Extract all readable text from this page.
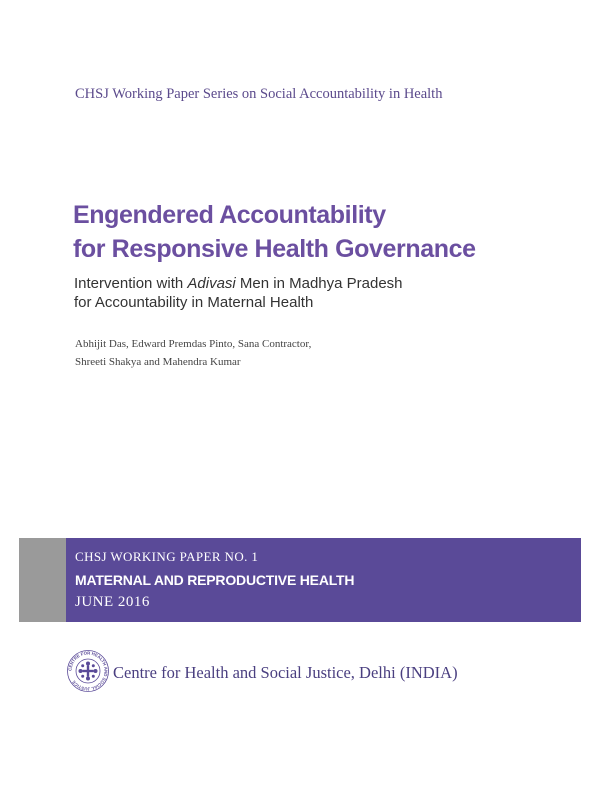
CHSJ Working Paper Series on Social Accountability in Health
Engendered Accountability
for Responsive Health Governance
Intervention with Adivasi Men in Madhya Pradesh
for Accountability in Maternal Health
Abhijit Das, Edward Premdas Pinto, Sana Contractor,
Shreeti Shakya and Mahendra Kumar
CHSJ WORKING PAPER NO. 1
MATERNAL AND REPRODUCTIVE HEALTH
JUNE 2016
CENTRE FOR HEALTH AND SOCIAL JUSTICE
Centre for Health and Social Justice, Delhi (INDIA)
